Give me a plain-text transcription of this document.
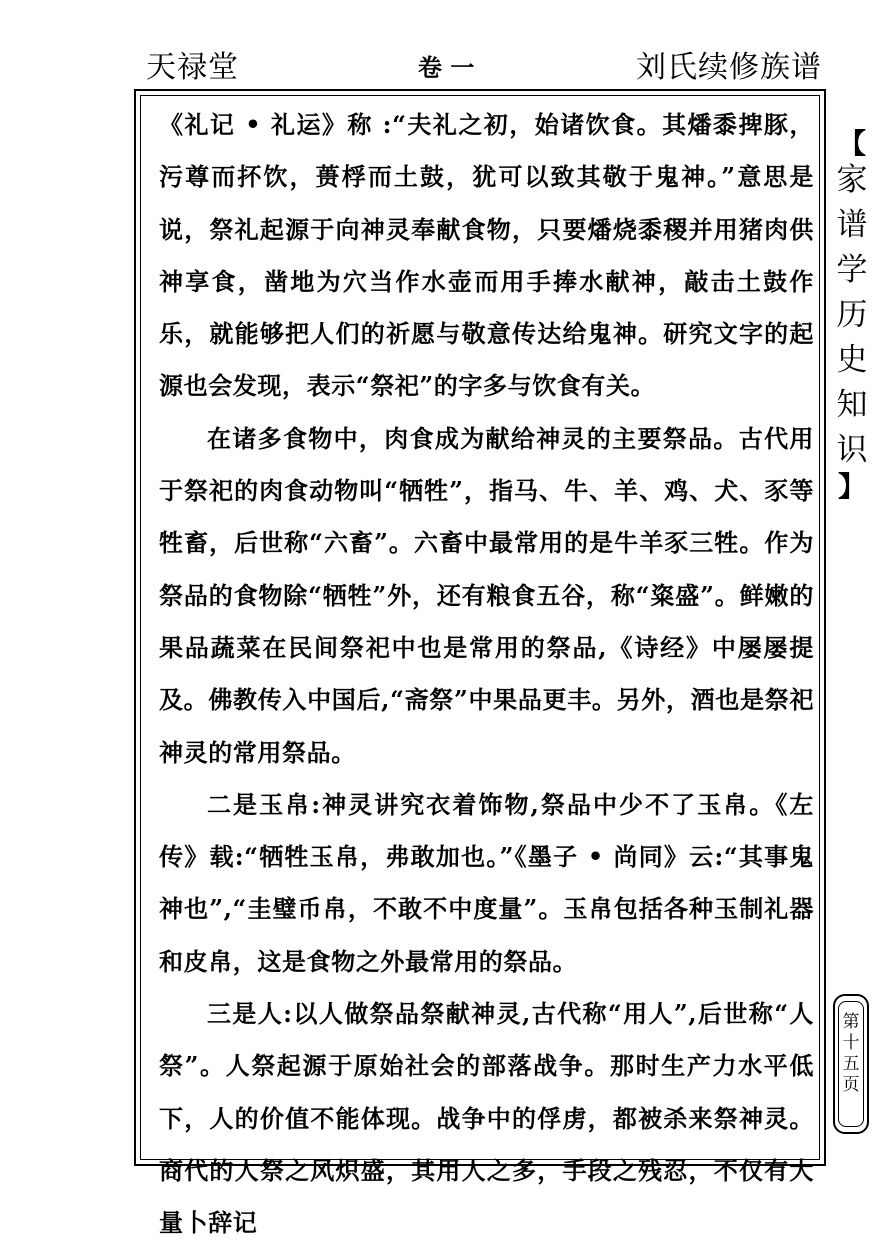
天禄堂	卷 一	刘氏续修族谱

《礼记 • 礼运》称 :“夫礼之初，始诸饮食。其燔黍捭豚，污尊而抔饮，蒉桴而土鼓，犹可以致其敬于鬼神。”意思是说，祭礼起源于向神灵奉献食物，只要燔烧黍稷并用猪肉供神享食，凿地为穴当作水壶而用手捧水献神，敲击土鼓作乐，就能够把人们的祈愿与敬意传达给鬼神。研究文字的起源也会发现，表示“祭祀”的字多与饮食有关。

在诸多食物中，肉食成为献给神灵的主要祭品。古代用于祭祀的肉食动物叫“牺牲”，指马、牛、羊、鸡、犬、豕等牲畜，后世称“六畜”。六畜中最常用的是牛羊豕三牲。作为祭品的食物除“牺牲”外，还有粮食五谷，称“粢盛”。鲜嫩的果品蔬菜在民间祭祀中也是常用的祭品,《诗经》中屡屡提及。佛教传入中国后,“斋祭”中果品更丰。另外，酒也是祭祀神灵的常用祭品。

二是玉帛:神灵讲究衣着饰物,祭品中少不了玉帛。《左传》载:“牺牲玉帛，弗敢加也。”《墨子 • 尚同》云:“其事鬼神也”,“圭璧币帛，不敢不中度量”。玉帛包括各种玉制礼器和皮帛，这是食物之外最常用的祭品。

三是人:以人做祭品祭献神灵,古代称“用人”,后世称“人祭”。人祭起源于原始社会的部落战争。那时生产力水平低下，人的价值不能体现。战争中的俘虏，都被杀来祭神灵。商代的人祭之风炽盛，其用人之多，手段之残忍，不仅有大量卜辞记

【
家
谱
学
历
史
知
识
】
第
十
五
页
